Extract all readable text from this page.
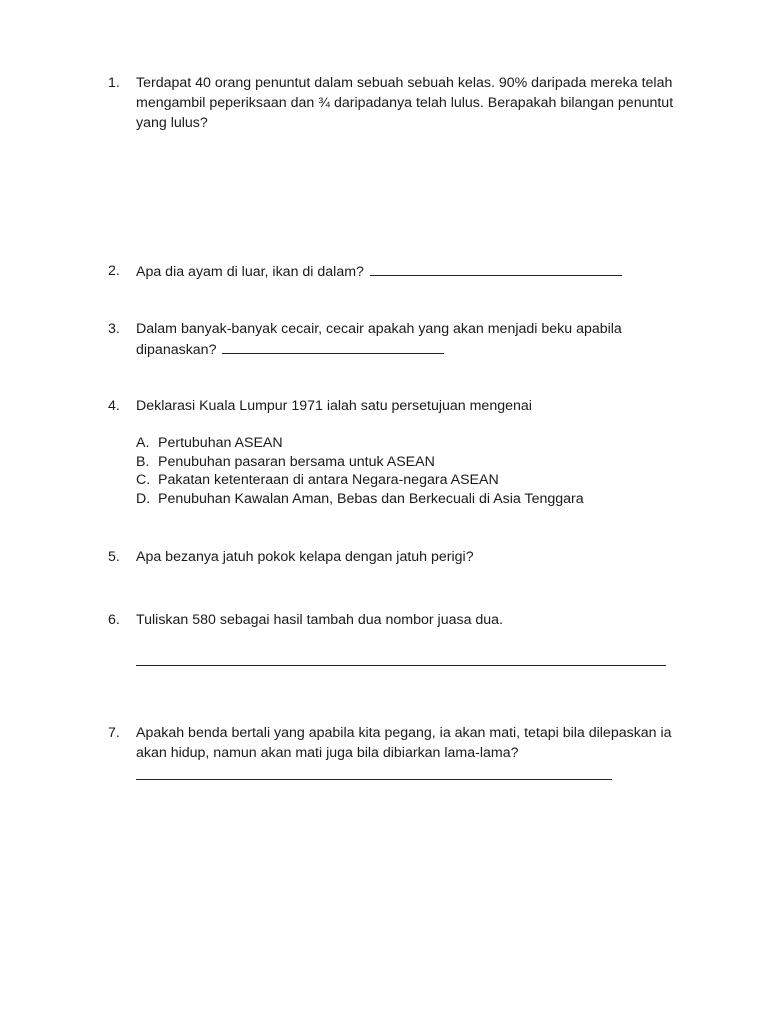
1.	Terdapat 40 orang penuntut dalam sebuah sebuah kelas. 90% daripada mereka telah
mengambil peperiksaan dan ¾ daripadanya telah lulus. Berapakah bilangan penuntut
yang lulus?
2.	Apa dia ayam di luar, ikan di dalam?
3.	Dalam banyak-banyak cecair, cecair apakah yang akan menjadi beku apabila
dipanaskan?
4.	Deklarasi Kuala Lumpur 1971 ialah satu persetujuan mengenai
A. Pertubuhan ASEAN
B. Penubuhan pasaran bersama untuk ASEAN
C. Pakatan ketenteraan di antara Negara-negara ASEAN
D. Penubuhan Kawalan Aman, Bebas dan Berkecuali di Asia Tenggara
5.	Apa bezanya jatuh pokok kelapa dengan jatuh perigi?
6.	Tuliskan 580 sebagai hasil tambah dua nombor juasa dua.
7.	Apakah benda bertali yang apabila kita pegang, ia akan mati, tetapi bila dilepaskan ia
akan hidup, namun akan mati juga bila dibiarkan lama-lama?
